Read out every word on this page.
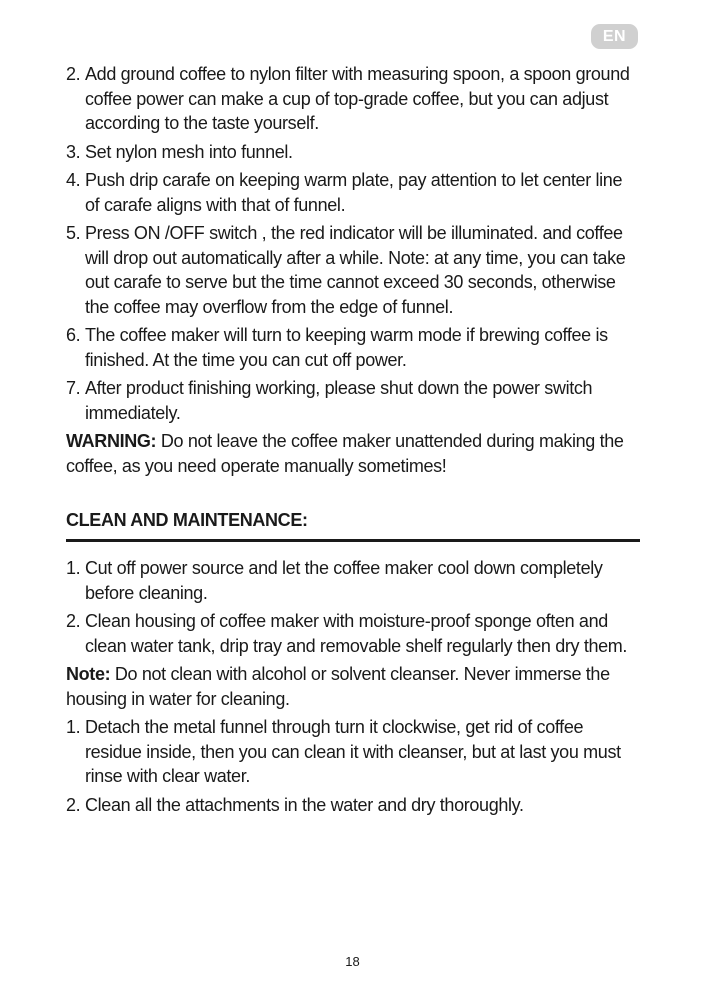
EN
2. Add ground coffee to nylon filter with measuring spoon, a spoon ground coffee power can make a cup of top-grade coffee, but you can adjust according to the taste yourself.
3. Set nylon mesh into funnel.
4. Push drip carafe on keeping warm plate, pay attention to let center line of carafe aligns with that of funnel.
5. Press ON /OFF switch , the red indicator will be illuminated. and coffee will drop out automatically after a while. Note: at any time, you can take out carafe to serve but the time cannot exceed 30 seconds, otherwise the coffee may overflow from the edge of funnel.
6. The coffee maker will turn to keeping warm mode if brewing coffee is finished. At the time you can cut off power.
7. After product finishing working, please shut down the power switch immediately.

WARNING: Do not leave the coffee maker unattended during making the coffee, as you need operate manually sometimes!

CLEAN AND MAINTENANCE:
1. Cut off power source and let the coffee maker cool down completely before cleaning.
2. Clean housing of coffee maker with moisture-proof sponge often and clean water tank, drip tray and removable shelf regularly then dry them.

Note: Do not clean with alcohol or solvent cleanser. Never immerse the housing in water for cleaning.

1. Detach the metal funnel through turn it clockwise, get rid of coffee residue inside, then you can clean it with cleanser, but at last you must rinse with clear water.
2. Clean all the attachments in the water and dry thoroughly.
18
